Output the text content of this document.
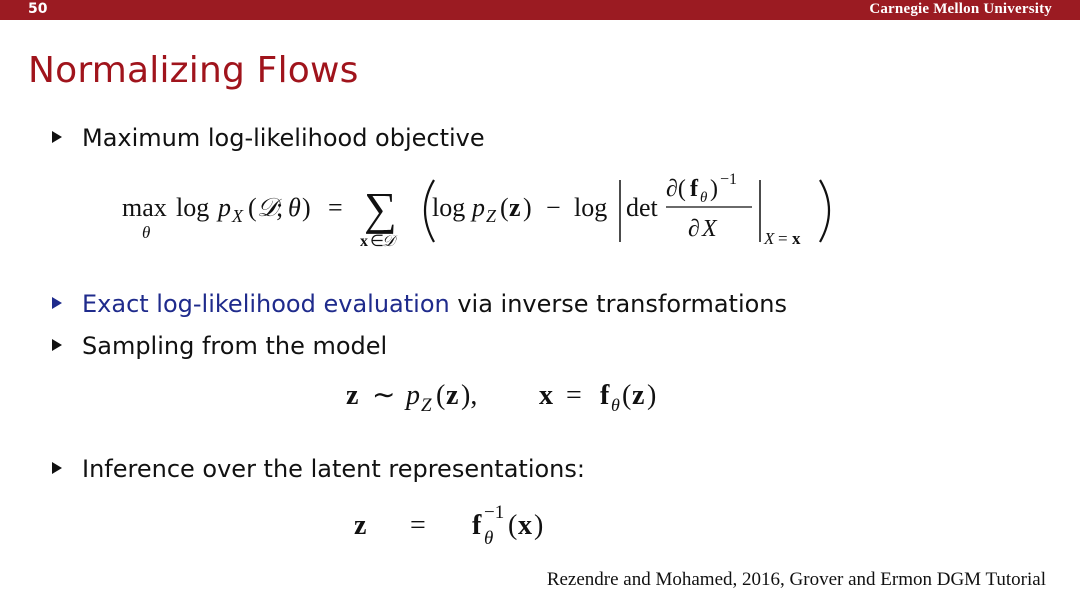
50	Carnegie Mellon University
Normalizing Flows
Maximum log-likelihood objective
max
θ
log p X ( 𝒟
; θ ) = ∑
x ∈
𝒟
log p Z ( z ) − log det
∂( f θ ) −1
∂ X	X = x
Exact log-likelihood evaluation via inverse transformations
Sampling from the model
z ∼ p Z ( z ), x = f θ ( z )
Inference over the latent representations:
z = f θ
−1 ( x )
Rezendre and Mohamed, 2016, Grover and Ermon DGM Tutorial
